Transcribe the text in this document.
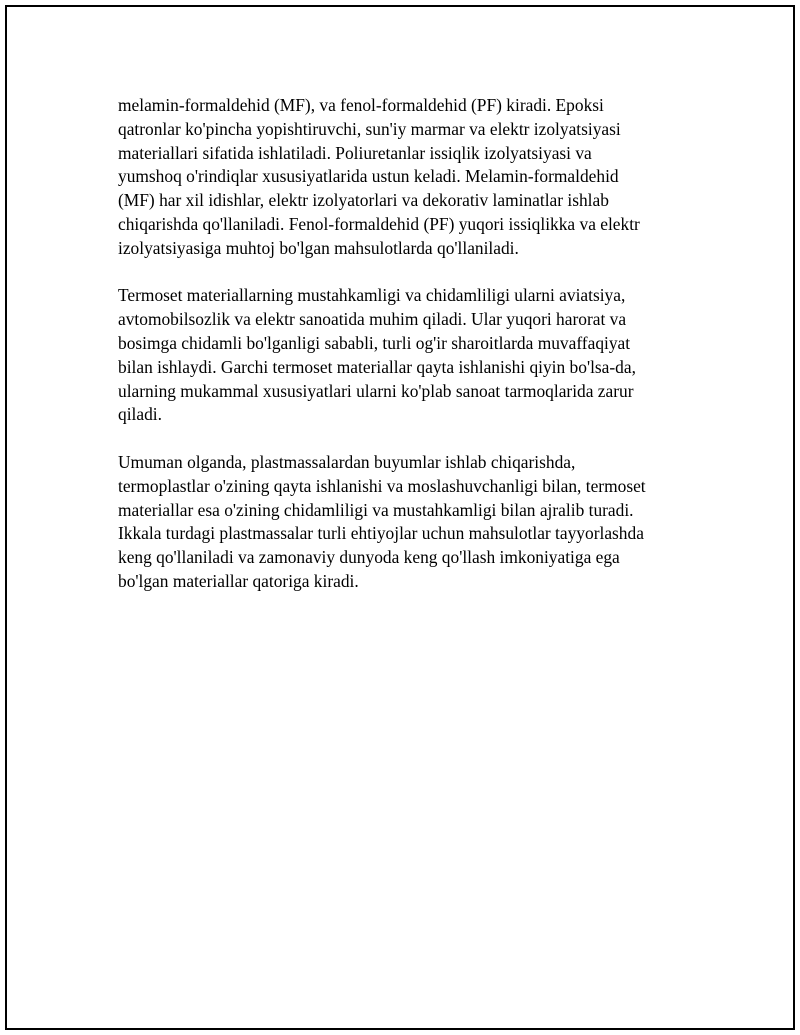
melamin-formaldehid (MF), va fenol-formaldehid (PF) kiradi. Epoksi
qatronlar ko'pincha yopishtiruvchi, sun'iy marmar va elektr izolyatsiyasi
materiallari sifatida ishlatiladi. Poliuretanlar issiqlik izolyatsiyasi va
yumshoq o'rindiqlar xususiyatlarida ustun keladi. Melamin-formaldehid
(MF) har xil idishlar, elektr izolyatorlari va dekorativ laminatlar ishlab
chiqarishda qo'llaniladi. Fenol-formaldehid (PF) yuqori issiqlikka va elektr
izolyatsiyasiga muhtoj bo'lgan mahsulotlarda qo'llaniladi.

Termoset materiallarning mustahkamligi va chidamliligi ularni aviatsiya,
avtomobilsozlik va elektr sanoatida muhim qiladi. Ular yuqori harorat va
bosimga chidamli bo'lganligi sababli, turli og'ir sharoitlarda muvaffaqiyat
bilan ishlaydi. Garchi termoset materiallar qayta ishlanishi qiyin bo'lsa-da,
ularning mukammal xususiyatlari ularni ko'plab sanoat tarmoqlarida zarur
qiladi.

Umuman olganda, plastmassalardan buyumlar ishlab chiqarishda,
termoplastlar o'zining qayta ishlanishi va moslashuvchanligi bilan, termoset
materiallar esa o'zining chidamliligi va mustahkamligi bilan ajralib turadi.
Ikkala turdagi plastmassalar turli ehtiyojlar uchun mahsulotlar tayyorlashda
keng qo'llaniladi va zamonaviy dunyoda keng qo'llash imkoniyatiga ega
bo'lgan materiallar qatoriga kiradi.
